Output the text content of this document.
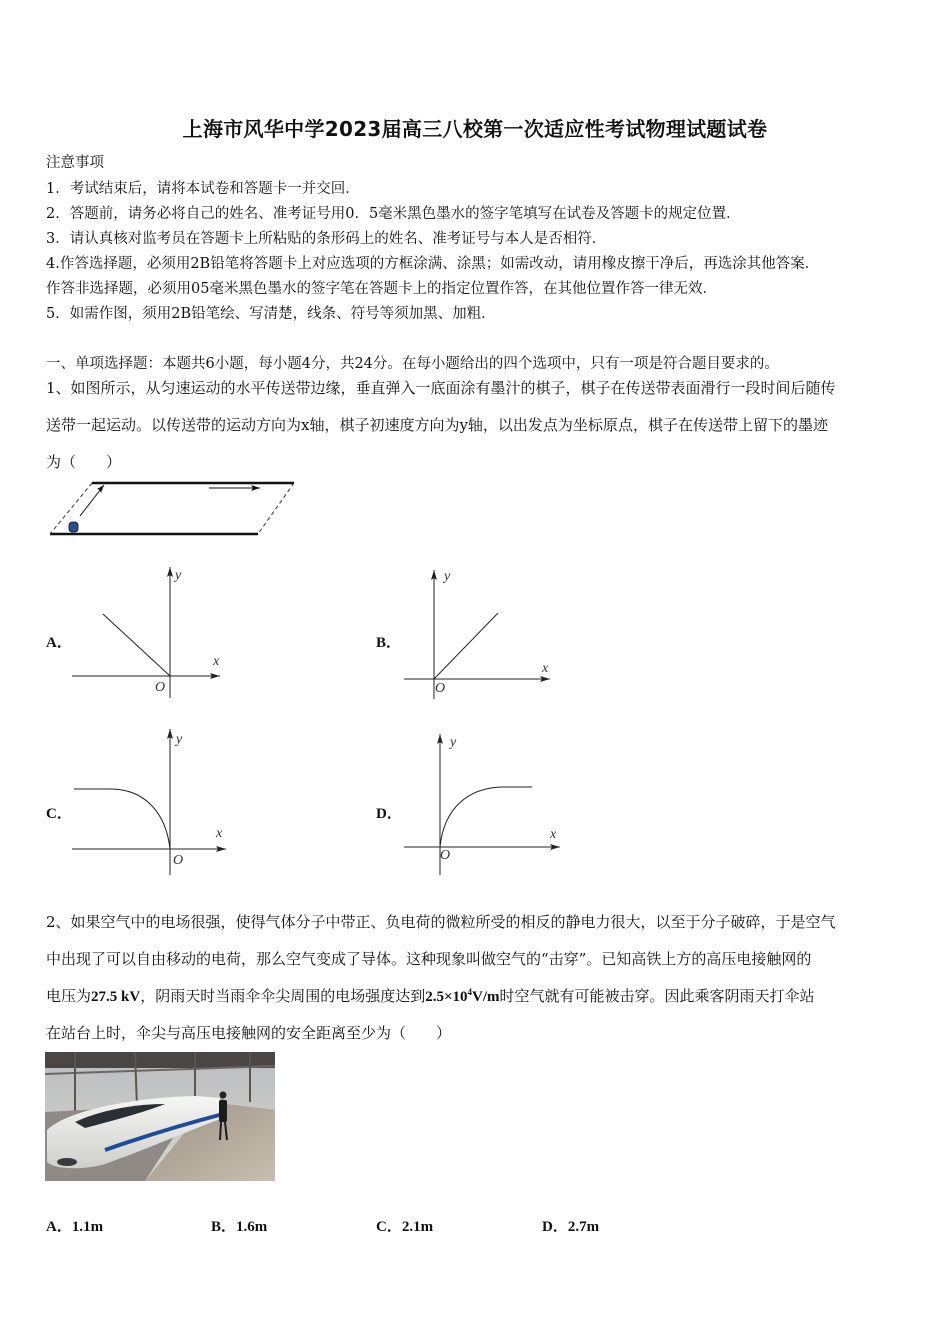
上海市风华中学2023届高三八校第一次适应性考试物理试题试卷
注意事项
1．考试结束后，请将本试卷和答题卡一并交回．
2．答题前，请务必将自己的姓名、准考证号用0．5毫米黑色墨水的签字笔填写在试卷及答题卡的规定位置．
3．请认真核对监考员在答题卡上所粘贴的条形码上的姓名、准考证号与本人是否相符．
4.作答选择题，必须用2B铅笔将答题卡上对应选项的方框涂满、涂黑；如需改动，请用橡皮擦干净后，再选涂其他答案．
作答非选择题，必须用05毫米黑色墨水的签字笔在答题卡上的指定位置作答，在其他位置作答一律无效．
5．如需作图，须用2B铅笔绘、写清楚，线条、符号等须加黑、加粗．
一、单项选择题：本题共6小题，每小题4分，共24分。在每小题给出的四个选项中，只有一项是符合题目要求的。
1、如图所示，从匀速运动的水平传送带边缘，垂直弹入一底面涂有墨汁的棋子，棋子在传送带表面滑行一段时间后随传
送带一起运动。以传送带的运动方向为x轴，棋子初速度方向为y轴，以出发点为坐标原点，棋子在传送带上留下的墨迹
为（　　）
A．
y
x
O
B．
y
x
O
C．
y
x
O
D．
y
x
O
2、如果空气中的电场很强，使得气体分子中带正、负电荷的微粒所受的相反的静电力很大，以至于分子破碎，于是空气
中出现了可以自由移动的电荷，那么空气变成了导体。这种现象叫做空气的“击穿”。已知高铁上方的高压电接触网的
电压为27.5 kV，阴雨天时当雨伞伞尖周围的电场强度达到$2.5\times 10^4V/m$时空气就有可能被击穿。因此乘客阴雨天打伞站
在站台上时，伞尖与高压电接触网的安全距离至少为（　　）
A．1.1m	B．1.6m	C．2.1m	D．2.7m
